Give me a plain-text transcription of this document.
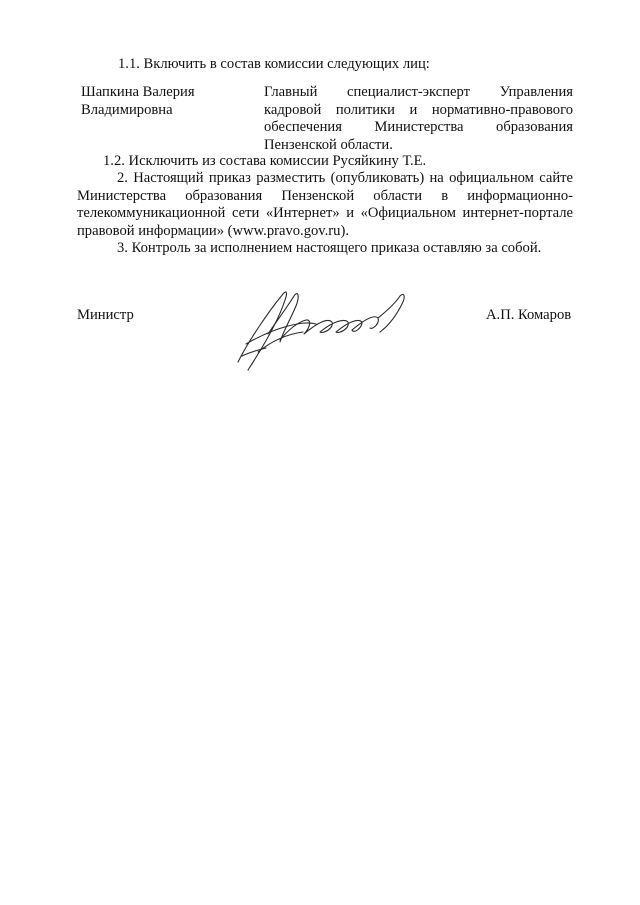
1.1. Включить в состав комиссии следующих лиц:

Шапкина Валерия
Владимировна
Главный специалист-эксперт Управления кадровой политики и нормативно-правового обеспечения Министерства образования Пензенской области.

1.2. Исключить из состава комиссии Русяйкину Т.Е.

2. Настоящий приказ разместить (опубликовать) на официальном сайте Министерства образования Пензенской области в информационно-телекоммуникационной сети «Интернет» и «Официальном интернет-портале правовой информации» (www.pravo.gov.ru).

3. Контроль за исполнением настоящего приказа оставляю за собой.

Министр	А.П. Комаров
